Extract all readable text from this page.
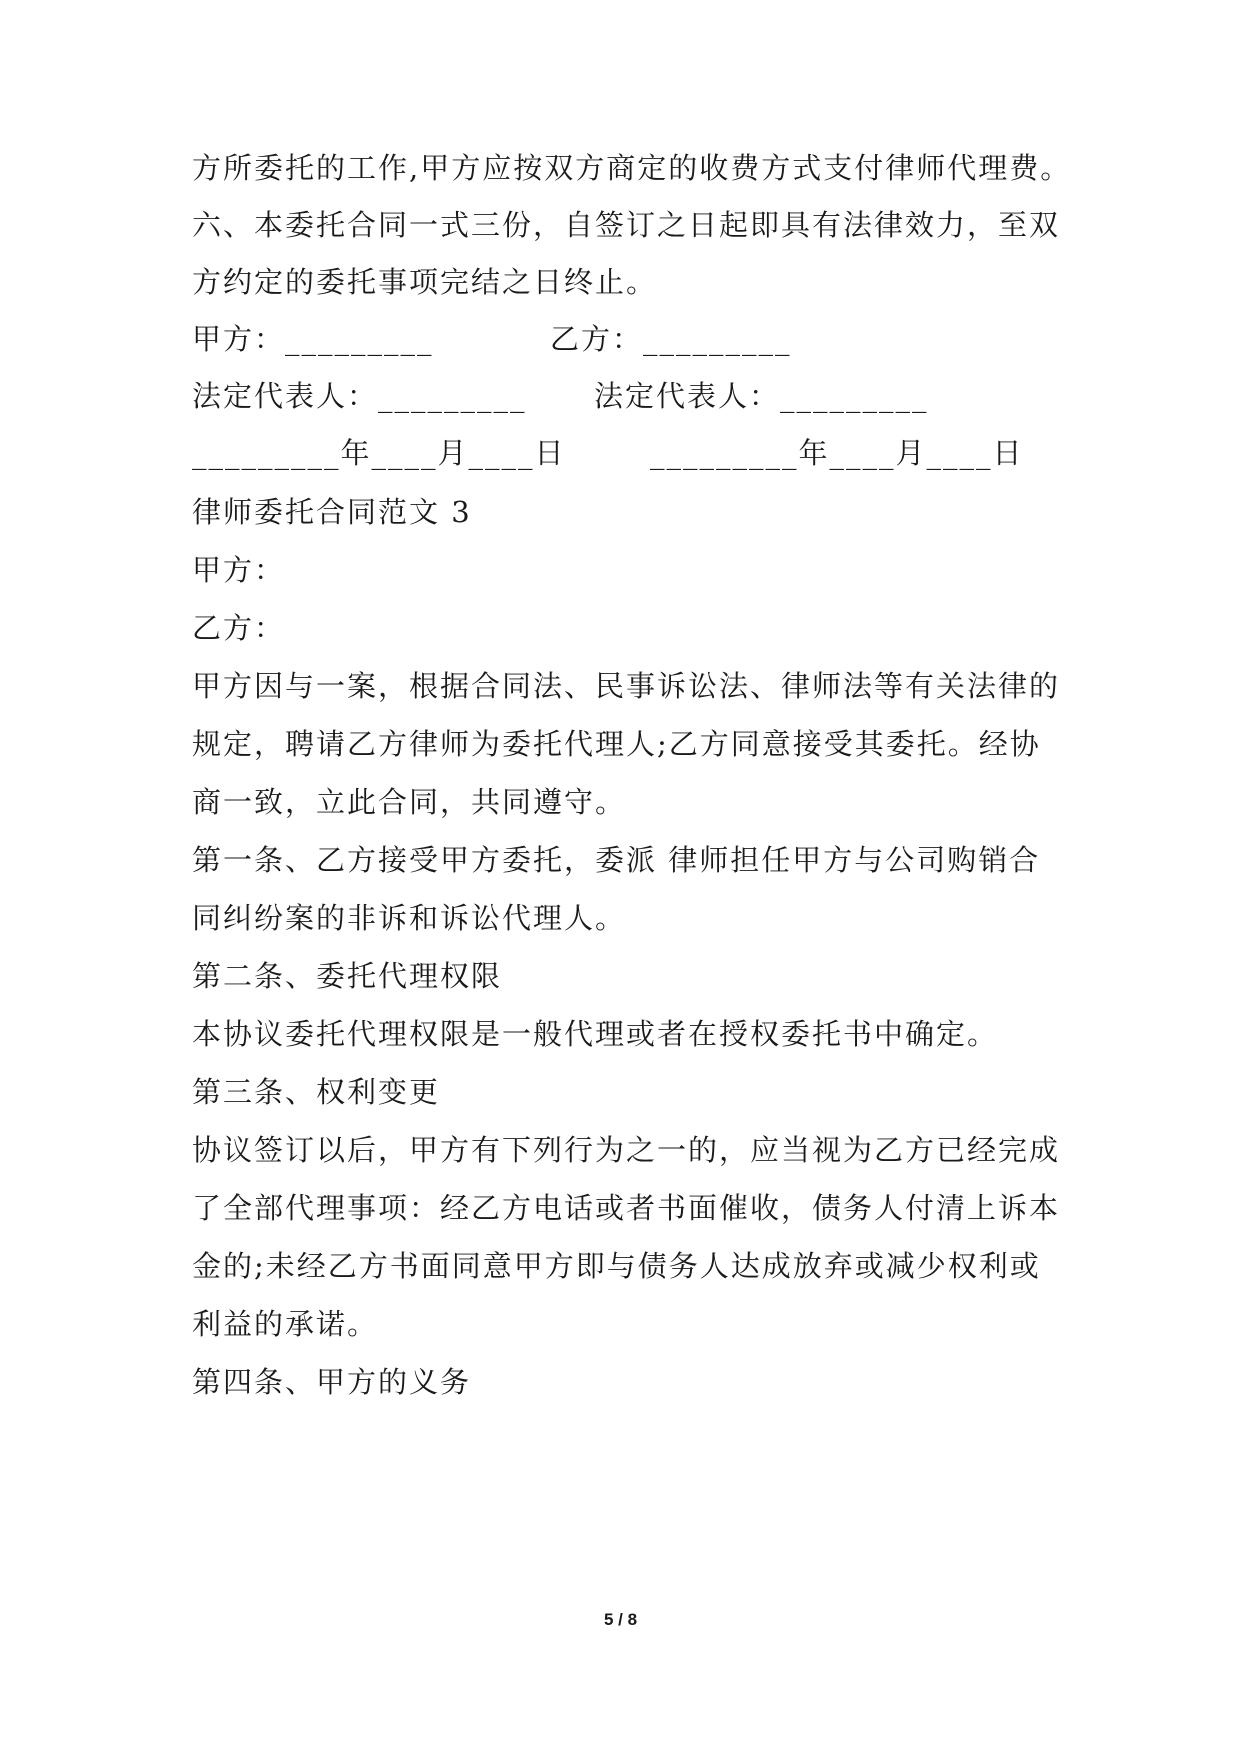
方所委托的工作,甲方应按双方商定的收费方式支付律师代理费。
六、本委托合同一式三份，自签订之日起即具有法律效力，至双
方约定的委托事项完结之日终止。
甲方：_________	乙方：_________
法定代表人：_________ 法定代表人：_________
_________年____月____日	_________年____月____日
律师委托合同范文 3
甲方：
乙方：
甲方因与一案，根据合同法、民事诉讼法、律师法等有关法律的
规定，聘请乙方律师为委托代理人;乙方同意接受其委托。经协
商一致，立此合同，共同遵守。
第一条、乙方接受甲方委托，委派 律师担任甲方与公司购销合
同纠纷案的非诉和诉讼代理人。
第二条、委托代理权限
本协议委托代理权限是一般代理或者在授权委托书中确定。
第三条、权利变更
协议签订以后，甲方有下列行为之一的，应当视为乙方已经完成
了全部代理事项：经乙方电话或者书面催收，债务人付清上诉本
金的;未经乙方书面同意甲方即与债务人达成放弃或减少权利或
利益的承诺。
第四条、甲方的义务
5 / 8
